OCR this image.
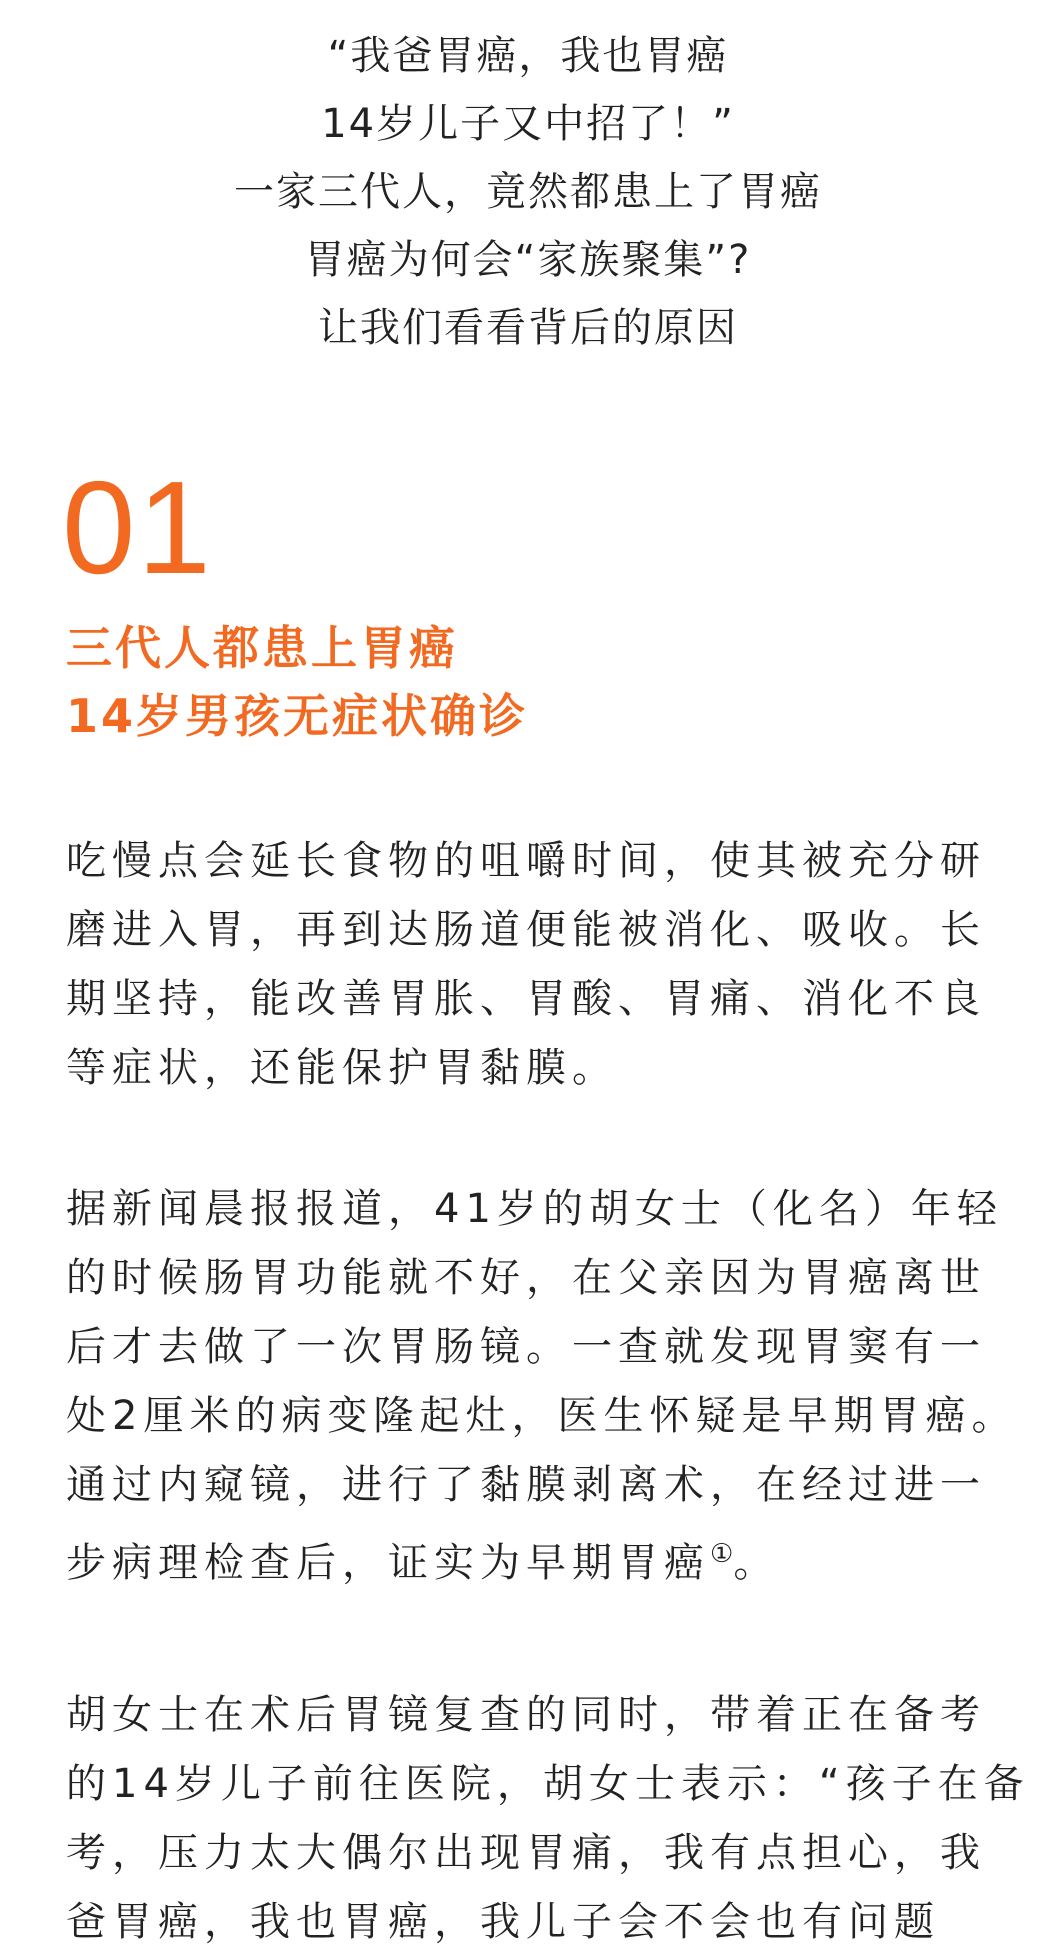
“我爸胃癌，我也胃癌
14岁儿子又中招了！”
一家三代人，竟然都患上了胃癌
胃癌为何会“家族聚集”?
让我们看看背后的原因
01
三代人都患上胃癌
14岁男孩无症状确诊
吃慢点会延长食物的咀嚼时间，使其被充分研
磨进入胃，再到达肠道便能被消化、吸收。长
期坚持，能改善胃胀、胃酸、胃痛、消化不良
等症状，还能保护胃黏膜。
据新闻晨报报道，41岁的胡女士（化名）年轻
的时候肠胃功能就不好，在父亲因为胃癌离世
后才去做了一次胃肠镜。一查就发现胃窦有一
处2厘米的病变隆起灶，医生怀疑是早期胃癌。
通过内窥镜，进行了黏膜剥离术，在经过进一
步病理检查后，证实为早期胃癌①。
胡女士在术后胃镜复查的同时，带着正在备考
的14岁儿子前往医院，胡女士表示：“孩子在备
考，压力太大偶尔出现胃痛，我有点担心，我
爸胃癌，我也胃癌，我儿子会不会也有问题
